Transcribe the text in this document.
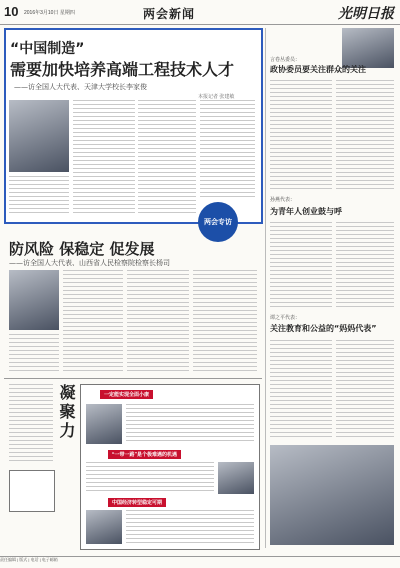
10 2016年3月10日 星期四	两会新闻	光明日报
“中国制造”
需要加快培养高端工程技术人才
——访全国人大代表、天津大学校长李家俊
本报记者 张建敏
两会专访
言卷丛委员：
政协委员要关注群众的关注
孙燕代表：
为青年人创业鼓与呼
谭之平代表：
关注教育和公益的“妈妈代表”
防风险 保稳定 促发展
——访全国人大代表、山西省人民检察院检察长杨司
凝聚力
一定能实现全面小康
“一带一路”是个极难遇的机遇
中国经济转型稳定可期
责任编辑 | 版式 | 电话 | 电子邮箱
